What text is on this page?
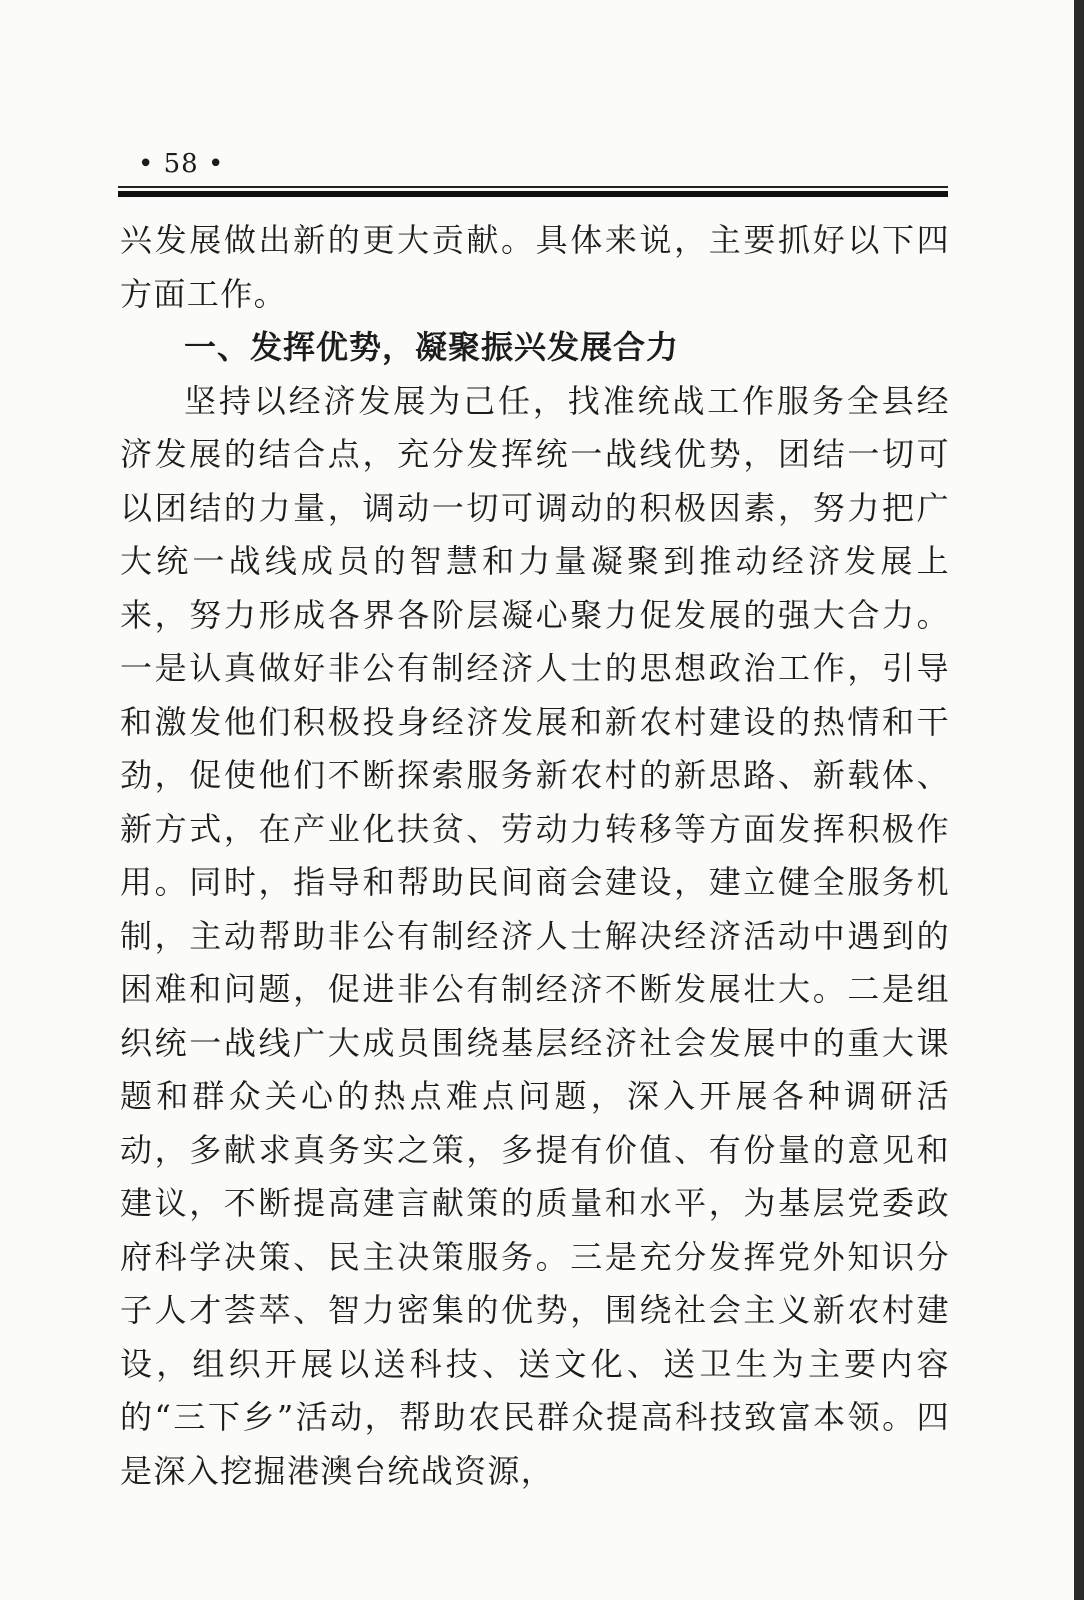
• 58 •

兴发展做出新的更大贡献。具体来说，主要抓好以下四方面工作。

一、发挥优势，凝聚振兴发展合力

坚持以经济发展为己任，找准统战工作服务全县经济发展的结合点，充分发挥统一战线优势，团结一切可以团结的力量，调动一切可调动的积极因素，努力把广大统一战线成员的智慧和力量凝聚到推动经济发展上来，努力形成各界各阶层凝心聚力促发展的强大合力。一是认真做好非公有制经济人士的思想政治工作，引导和激发他们积极投身经济发展和新农村建设的热情和干劲，促使他们不断探索服务新农村的新思路、新载体、新方式，在产业化扶贫、劳动力转移等方面发挥积极作用。同时，指导和帮助民间商会建设，建立健全服务机制，主动帮助非公有制经济人士解决经济活动中遇到的困难和问题，促进非公有制经济不断发展壮大。二是组织统一战线广大成员围绕基层经济社会发展中的重大课题和群众关心的热点难点问题，深入开展各种调研活动，多献求真务实之策，多提有价值、有份量的意见和建议，不断提高建言献策的质量和水平，为基层党委政府科学决策、民主决策服务。三是充分发挥党外知识分子人才荟萃、智力密集的优势，围绕社会主义新农村建设，组织开展以送科技、送文化、送卫生为主要内容的“三下乡”活动，帮助农民群众提高科技致富本领。四是深入挖掘港澳台统战资源，
